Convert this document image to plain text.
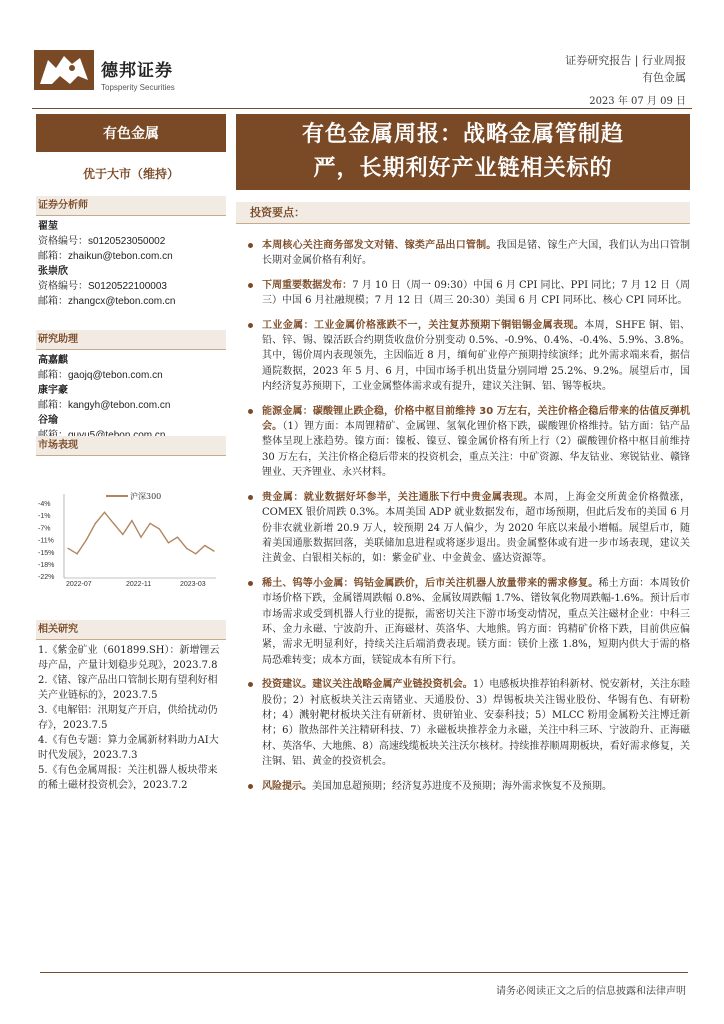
德邦证券
Topsperity Securities
证券研究报告 | 行业周报
有色金属
2023 年 07 月 09 日
有色金属
优于大市（维持）
有色金属周报：战略金属管制趋
严，长期利好产业链相关标的
证券分析师
翟堃
资格编号：s0120523050002
邮箱：zhaikun@tebon.com.cn
张崇欣
资格编号：S0120522100003
邮箱：zhangcx@tebon.com.cn
研究助理
高嘉麒
邮箱：gaojq@tebon.com.cn
康宇豪
邮箱：kangyh@tebon.com.cn
谷瑜
市场表现
-4%
-1%
-7%
-11%
-15%
-18%
-22%
沪深300
2022-07	2022-11	2023-03
相关研究
1.《紫金矿业（601899.SH）：新增锂云母产品，产量计划稳步兑现》，2023.7.8
2.《锗、镓产品出口管制长期有望利好相关产业链标的》，2023.7.5
3.《电解铝：汛期复产开启，供给扰动仍存》，2023.7.5
4.《有色专题：算力金属新材料助力AI大时代发展》，2023.7.3
5.《有色金属周报：关注机器人板块带来的稀土磁材投资机会》，2023.7.2
投资要点：
本周核心关注商务部发文对锗、镓类产品出口管制。我国是锗、镓生产大国，我们认为出口管制长期对金属价格有利好。
下周重要数据发布：7 月 10 日（周一 09:30）中国 6 月 CPI 同比、PPI 同比；7 月 12 日（周三）中国 6 月社融规模；7 月 12 日（周三 20:30）美国 6 月 CPI 同环比、核心 CPI 同环比。
工业金属：工业金属价格涨跌不一，关注复苏预期下铜铝锡金属表现。本周，SHFE 铜、铝、铅、锌、锡、镍活跃合约期货收盘价分别变动 0.5%、-0.9%、0.4%、-0.4%、5.9%、3.8%。其中，锡价周内表现领先，主因临近 8 月，缅甸矿业停产预期持续演绎；此外需求端来看，据信通院数据，2023 年 5 月、6 月，中国市场手机出货量分别同增 25.2%、9.2%。展望后市，国内经济复苏预期下，工业金属整体需求或有提升，建议关注铜、铝、锡等板块。
能源金属：碳酸锂止跌企稳，价格中枢目前维持 30 万左右，关注价格企稳后带来的估值反弹机会。（1）锂方面：本周锂精矿、金属锂、氢氧化锂价格下跌，碳酸锂价格维持。钴方面：钴产品整体呈现上涨趋势。镍方面：镍板、镍豆、镍金属价格有所上行（2）碳酸锂价格中枢目前维持 30 万左右，关注价格企稳后带来的投资机会，重点关注：中矿资源、华友钴业、寒锐钴业、赣锋锂业、天齐锂业、永兴材料。
贵金属：就业数据好坏参半，关注通胀下行中贵金属表现。本周，上海金交所黄金价格微涨，COMEX 银价周跌 0.3%。本周美国 ADP 就业数据发布，超市场预期，但此后发布的美国 6 月份非农就业新增 20.9 万人，较预期 24 万人偏少，为 2020 年底以来最小增幅。展望后市，随着美国通胀数据回落，美联储加息进程或将逐步退出。贵金属整体或有进一步市场表现，建议关注黄金、白银相关标的，如：紫金矿业、中金黄金、盛达资源等。
稀土、钨等小金属：钨钴金属跌价，后市关注机器人放量带来的需求修复。稀土方面：本周钕价市场价格下跌，金属镨周跌幅 0.8%、金属钕周跌幅 1.7%、镨钕氧化物周跌幅-1.6%。预计后市市场需求或受到机器人行业的提振，需密切关注下游市场变动情况，重点关注磁材企业：中科三环、金力永磁、宁波韵升、正海磁材、英洛华、大地熊。钨方面：钨精矿价格下跌，目前供应偏紧，需求无明显利好，持续关注后端消费表现。镁方面：镁价上涨 1.8%，短期内供大于需的格局恐难转变；成本方面，镁锭成本有所下行。
投资建议。建议关注战略金属产业链投资机会。1）电感板块推荐铂科新材、悦安新材，关注东睦股份；2）衬底板块关注云南锗业、天通股份、3）焊锡板块关注锡业股份、华锡有色、有研粉材；4）溅射靶材板块关注有研新材、贵研铂业、安泰科技；5）MLCC 粉用金属粉关注博迁新材；6）散热部件关注精研科技、7）永磁板块推荐金力永磁，关注中科三环、宁波韵升、正海磁材、英洛华、大地熊、8）高速线缆板块关注沃尔核材。持续推荐顺周期板块，看好需求修复，关注铜、铝、黄金的投资机会。
风险提示。美国加息超预期；经济复苏进度不及预期；海外需求恢复不及预期。
请务必阅读正文之后的信息披露和法律声明
